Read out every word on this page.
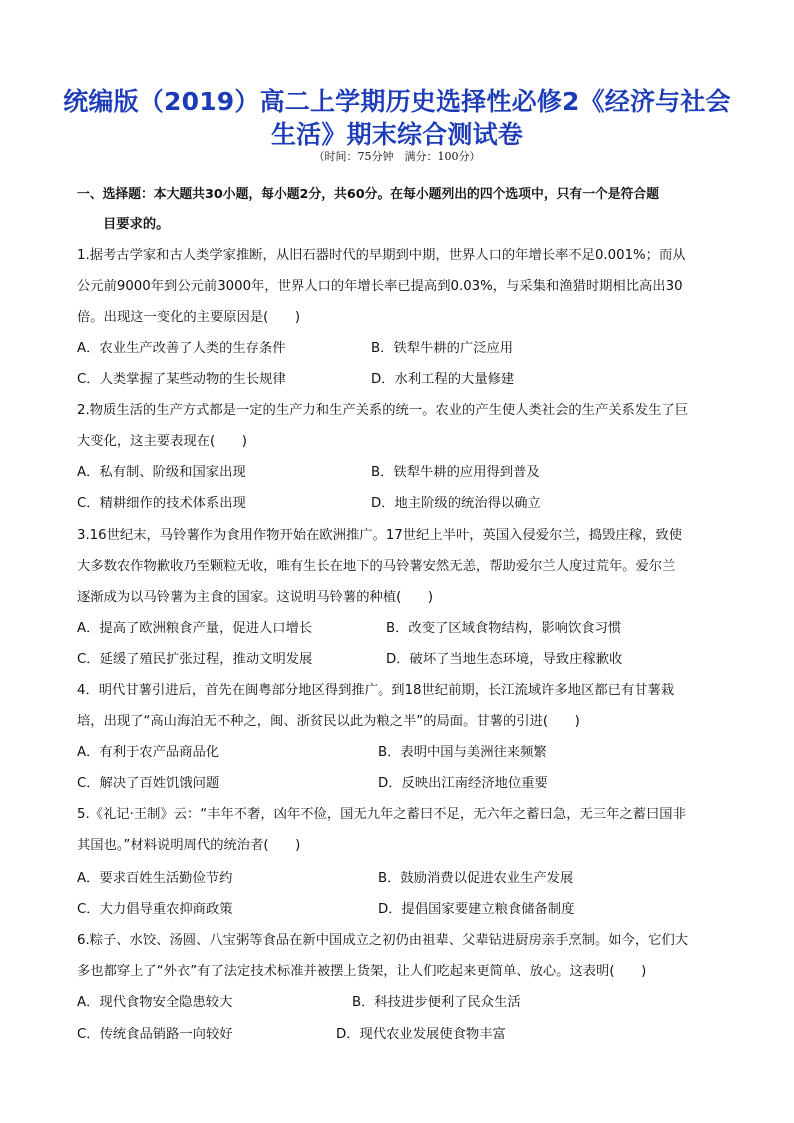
统编版（2019）高二上学期历史选择性必修2《经济与社会
生活》期末综合测试卷
（时间：75分钟　满分：100分）
一、选择题：本大题共30小题，每小题2分，共60分。在每小题列出的四个选项中，只有一个是符合题
目要求的。
1.据考古学家和古人类学家推断，从旧石器时代的早期到中期，世界人口的年增长率不足0.001%；而从
公元前9000年到公元前3000年，世界人口的年增长率已提高到0.03%，与采集和渔猎时期相比高出30
倍。出现这一变化的主要原因是(　　)
A．农业生产改善了人类的生存条件	B．铁犁牛耕的广泛应用
C．人类掌握了某些动物的生长规律	D．水利工程的大量修建
2.物质生活的生产方式都是一定的生产力和生产关系的统一。农业的产生使人类社会的生产关系发生了巨
大变化，这主要表现在(　　)
A．私有制、阶级和国家出现	B．铁犁牛耕的应用得到普及
C．精耕细作的技术体系出现	D．地主阶级的统治得以确立
3.16世纪末，马铃薯作为食用作物开始在欧洲推广。17世纪上半叶，英国入侵爱尔兰，捣毁庄稼，致使
大多数农作物歉收乃至颗粒无收，唯有生长在地下的马铃薯安然无恙，帮助爱尔兰人度过荒年。爱尔兰
逐渐成为以马铃薯为主食的国家。这说明马铃薯的种植(　　)
A．提高了欧洲粮食产量，促进人口增长	B．改变了区域食物结构，影响饮食习惯
C．延缓了殖民扩张过程，推动文明发展	D．破坏了当地生态环境，导致庄稼歉收
4．明代甘薯引进后，首先在闽粤部分地区得到推广。到18世纪前期，长江流域许多地区都已有甘薯栽
培，出现了“高山海泊无不种之，闽、浙贫民以此为粮之半”的局面。甘薯的引进(　　)
A．有利于农产品商品化	B．表明中国与美洲往来频繁
C．解决了百姓饥饿问题	D．反映出江南经济地位重要
5.《礼记·王制》云：“丰年不奢，凶年不俭，国无九年之蓄曰不足，无六年之蓄曰急，无三年之蓄曰国非
其国也。”材料说明周代的统治者(　　)
A．要求百姓生活勤俭节约	B．鼓励消费以促进农业生产发展
C．大力倡导重农抑商政策	D．提倡国家要建立粮食储备制度
6.粽子、水饺、汤圆、八宝粥等食品在新中国成立之初仍由祖辈、父辈钻进厨房亲手烹制。如今，它们大
多也都穿上了“外衣”有了法定技术标准并被摆上货架，让人们吃起来更简单、放心。这表明(　　)
A．现代食物安全隐患较大	B．科技进步便利了民众生活
C．传统食品销路一向较好	D．现代农业发展使食物丰富
